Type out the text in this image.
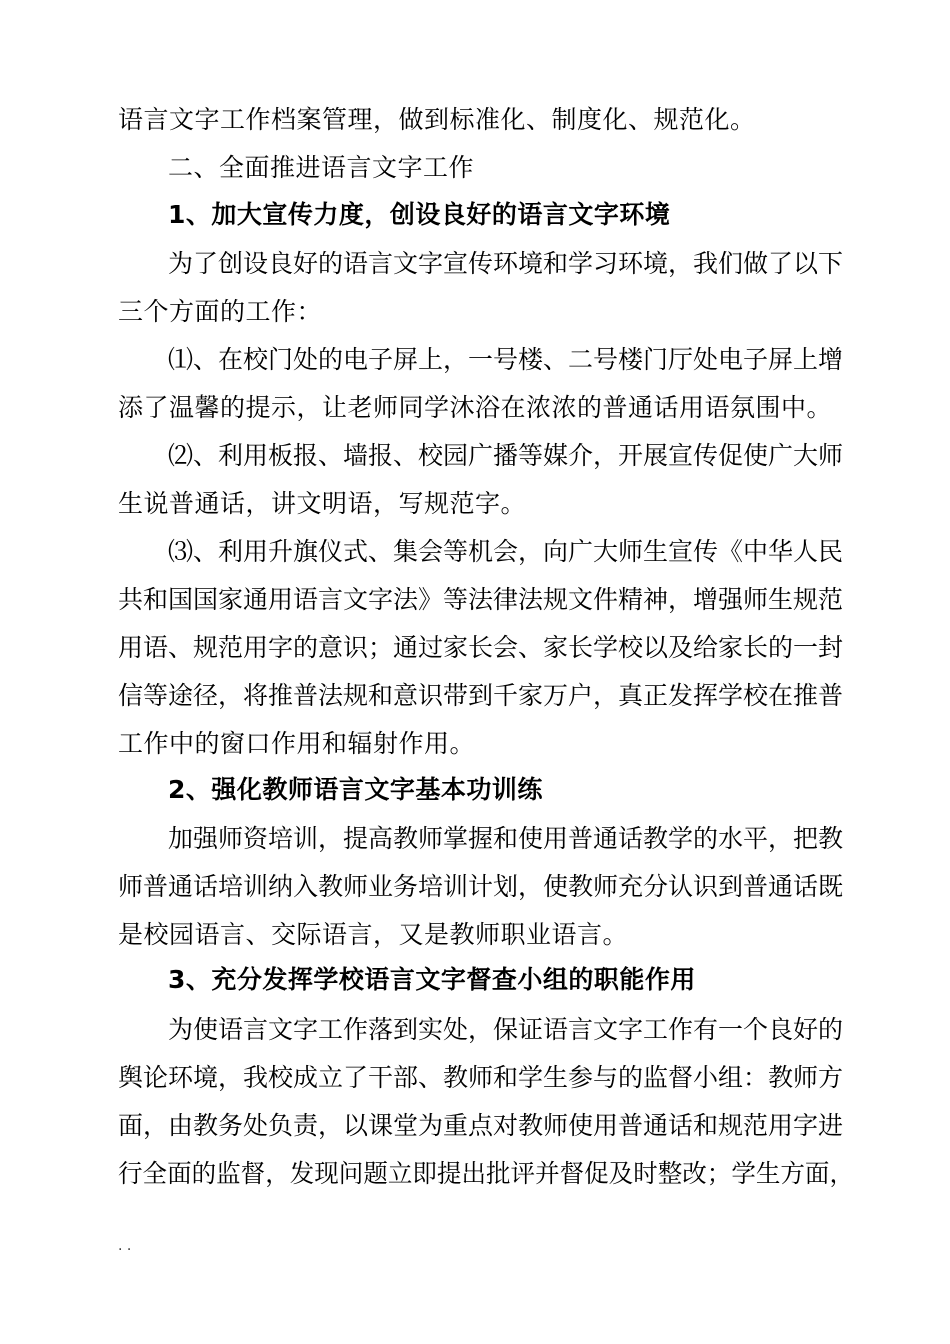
语言文字工作档案管理，做到标准化、制度化、规范化。
二、全面推进语言文字工作
1、加大宣传力度，创设良好的语言文字环境
为了创设良好的语言文字宣传环境和学习环境，我们做了以下
三个方面的工作：
⑴、在校门处的电子屏上，一号楼、二号楼门厅处电子屏上增
添了温馨的提示，让老师同学沐浴在浓浓的普通话用语氛围中。
⑵、利用板报、墙报、校园广播等媒介，开展宣传促使广大师
生说普通话，讲文明语，写规范字。
⑶、利用升旗仪式、集会等机会，向广大师生宣传《中华人民
共和国国家通用语言文字法》等法律法规文件精神，增强师生规范
用语、规范用字的意识；通过家长会、家长学校以及给家长的一封
信等途径，将推普法规和意识带到千家万户，真正发挥学校在推普
工作中的窗口作用和辐射作用。
2、强化教师语言文字基本功训练
加强师资培训，提高教师掌握和使用普通话教学的水平，把教
师普通话培训纳入教师业务培训计划，使教师充分认识到普通话既
是校园语言、交际语言，又是教师职业语言。
3、充分发挥学校语言文字督查小组的职能作用
为使语言文字工作落到实处，保证语言文字工作有一个良好的
舆论环境，我校成立了干部、教师和学生参与的监督小组：教师方
面，由教务处负责，以课堂为重点对教师使用普通话和规范用字进
行全面的监督，发现问题立即提出批评并督促及时整改；学生方面，
. .
